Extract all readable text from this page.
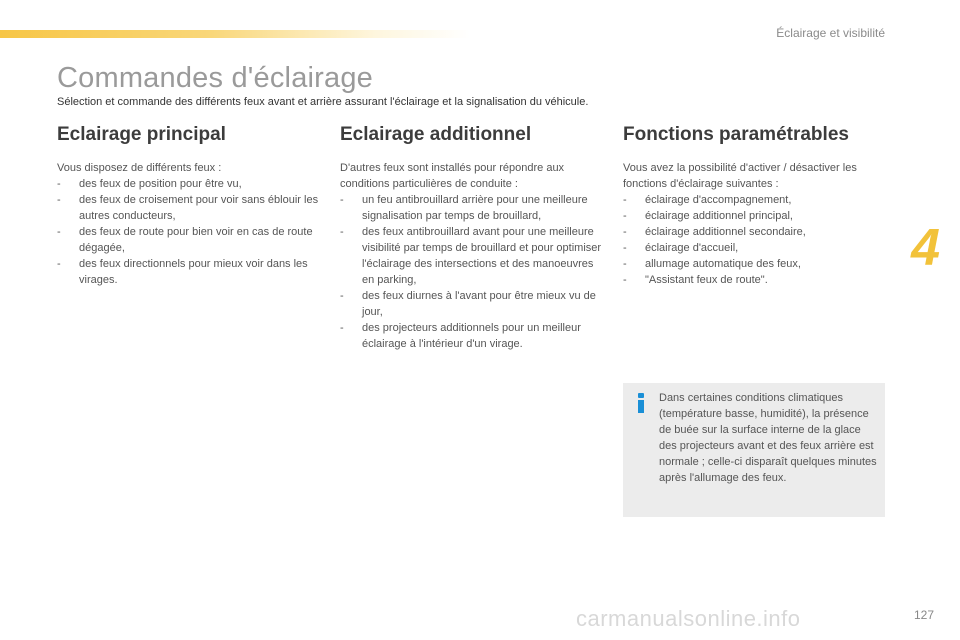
Éclairage et visibilité
Commandes d'éclairage
Sélection et commande des différents feux avant et arrière assurant l'éclairage et la signalisation du véhicule.
Eclairage principal

Vous disposez de différents feux :

- des feux de position pour être vu,
- des feux de croisement pour voir sans éblouir les autres conducteurs,
- des feux de route pour bien voir en cas de route dégagée,
- des feux directionnels pour mieux voir dans les virages.
Eclairage additionnel

D'autres feux sont installés pour répondre aux conditions particulières de conduite :

- un feu antibrouillard arrière pour une meilleure signalisation par temps de brouillard,
- des feux antibrouillard avant pour une meilleure visibilité par temps de brouillard et pour optimiser l'éclairage des intersections et des manoeuvres en parking,
- des feux diurnes à l'avant pour être mieux vu de jour,
- des projecteurs additionnels pour un meilleur éclairage à l'intérieur d'un virage.
Fonctions paramétrables

Vous avez la possibilité d'activer / désactiver les fonctions d'éclairage suivantes :

- éclairage d'accompagnement,
- éclairage additionnel principal,
- éclairage additionnel secondaire,
- éclairage d'accueil,
- allumage automatique des feux,
- "Assistant feux de route".
Dans certaines conditions climatiques (température basse, humidité), la présence de buée sur la surface interne de la glace des projecteurs avant et des feux arrière est normale ; celle-ci disparaît quelques minutes après l'allumage des feux.
4
carmanualsonline.info	127
